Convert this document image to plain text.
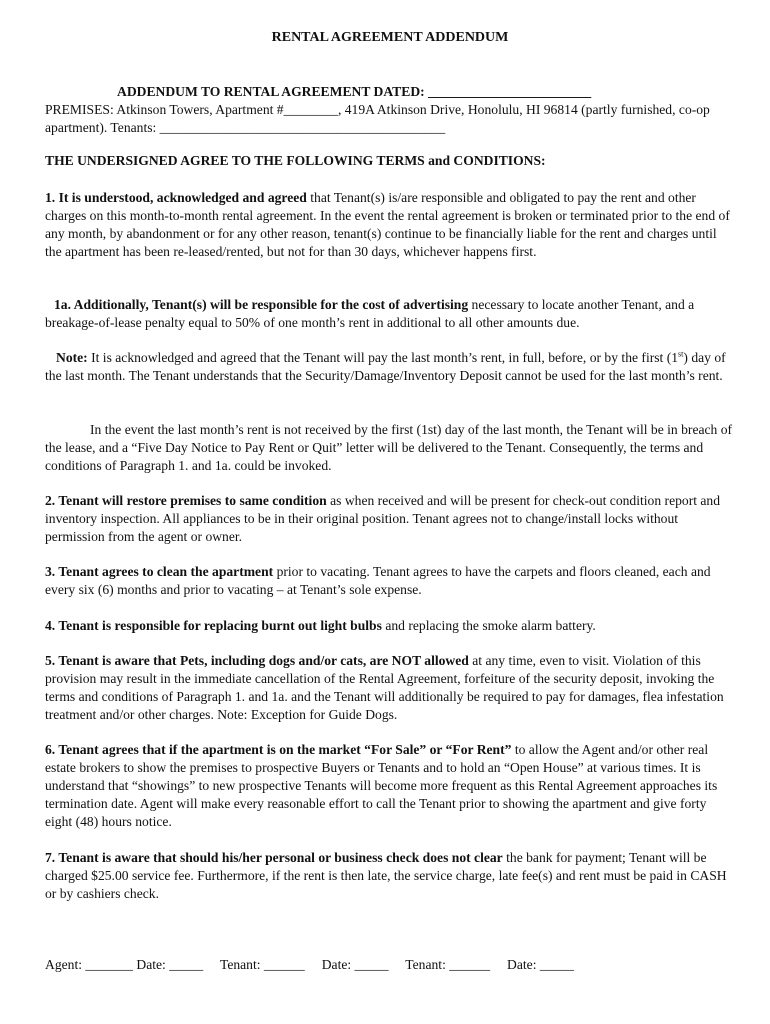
RENTAL AGREEMENT ADDENDUM
ADDENDUM TO RENTAL AGREEMENT DATED: ________________________
PREMISES: Atkinson Towers, Apartment #________, 419A Atkinson Drive, Honolulu, HI 96814 (partly furnished, co-op apartment). Tenants: __________________________________________
THE UNDERSIGNED AGREE TO THE FOLLOWING TERMS and CONDITIONS:
1. It is understood, acknowledged and agreed that Tenant(s) is/are responsible and obligated to pay the rent and other charges on this month-to-month rental agreement. In the event the rental agreement is broken or terminated prior to the end of any month, by abandonment or for any other reason, tenant(s) continue to be financially liable for the rent and charges until the apartment has been re-leased/rented, but not for than 30 days, whichever happens first.
1a. Additionally, Tenant(s) will be responsible for the cost of advertising necessary to locate another Tenant, and a breakage-of-lease penalty equal to 50% of one month’s rent in additional to all other amounts due.
Note: It is acknowledged and agreed that the Tenant will pay the last month’s rent, in full, before, or by the first (1st) day of the last month. The Tenant understands that the Security/Damage/Inventory Deposit cannot be used for the last month’s rent.
In the event the last month’s rent is not received by the first (1st) day of the last month, the Tenant will be in breach of the lease, and a “Five Day Notice to Pay Rent or Quit” letter will be delivered to the Tenant. Consequently, the terms and conditions of Paragraph 1. and 1a. could be invoked.
2. Tenant will restore premises to same condition as when received and will be present for check-out condition report and inventory inspection. All appliances to be in their original position. Tenant agrees not to change/install locks without permission from the agent or owner.
3. Tenant agrees to clean the apartment prior to vacating. Tenant agrees to have the carpets and floors cleaned, each and every six (6) months and prior to vacating – at Tenant’s sole expense.
4. Tenant is responsible for replacing burnt out light bulbs and replacing the smoke alarm battery.
5. Tenant is aware that Pets, including dogs and/or cats, are NOT allowed at any time, even to visit. Violation of this provision may result in the immediate cancellation of the Rental Agreement, forfeiture of the security deposit, invoking the terms and conditions of Paragraph 1. and 1a. and the Tenant will additionally be required to pay for damages, flea infestation treatment and/or other charges. Note: Exception for Guide Dogs.
6. Tenant agrees that if the apartment is on the market “For Sale” or “For Rent” to allow the Agent and/or other real estate brokers to show the premises to prospective Buyers or Tenants and to hold an “Open House” at various times. It is understand that “showings” to new prospective Tenants will become more frequent as this Rental Agreement approaches its termination date. Agent will make every reasonable effort to call the Tenant prior to showing the apartment and give forty eight (48) hours notice.
7. Tenant is aware that should his/her personal or business check does not clear the bank for payment; Tenant will be charged $25.00 service fee. Furthermore, if the rent is then late, the service charge, late fee(s) and rent must be paid in CASH or by cashiers check.
Agent: _______ Date: _____ Tenant: ______ Date: _____ Tenant: ______ Date: _____
